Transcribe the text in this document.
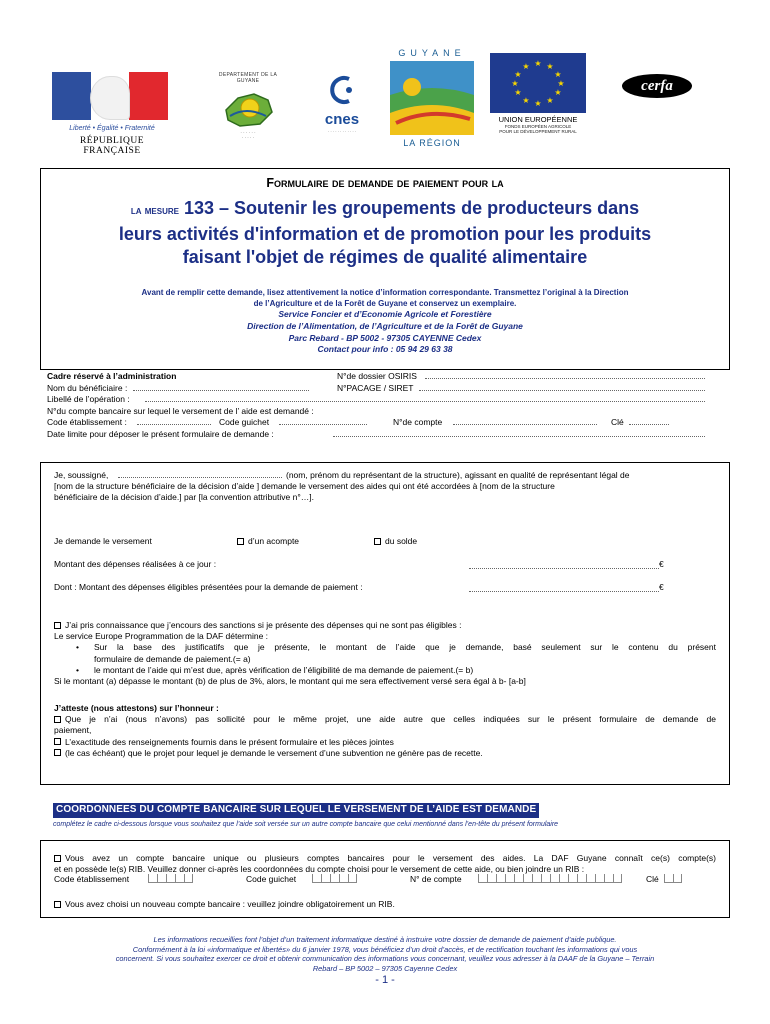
Liberté • Égalité • Fraternité
RÉPUBLIQUE FRANÇAISE
DEPARTEMENT DE LA GUYANE
· · · · · ·
· · · · ·
cnes
· · · · · · · · · · · ·
GUYANE
LA RÉGION
★ ★
★
★
★
★
★
★
★
★
★
★
UNION EUROPÉENNE
FONDS EUROPÉEN AGRICOLE
POUR LE DÉVELOPPEMENT RURAL
cerfa
Formulaire de demande de paiement pour la
la mesure 133 – Soutenir les groupements de producteurs dans
leurs activités d'information et de promotion pour les produits
faisant l'objet de régimes de qualité alimentaire
Avant de remplir cette demande, lisez attentivement la notice d’information correspondante. Transmettez l’original à la Direction
de l’Agriculture et de la Forêt de Guyane et conservez un exemplaire.
Service Foncier et d’Economie Agricole et Forestière
Direction de l’Alimentation, de l’Agriculture et de la Forêt de Guyane
Parc Rebard - BP 5002 - 97305 CAYENNE Cedex
Contact pour info : 05 94 29 63 38
Cadre réservé à l’administration	N°de dossier OSIRIS
Nom du bénéficiaire :	N°PACAGE / SIRET
Libellé de l’opération :
N°du compte bancaire sur lequel le versement de l’ aide est demandé :
Code établissement :	Code guichet	N°de compte	Clé
Date limite pour déposer le présent formulaire de demande :
Je, soussigné,	(nom, prénom du représentant de la structure), agissant en qualité de représentant légal de
[nom de la structure bénéficiaire de la décision d’aide ] demande le versement des aides qui ont été accordées à [nom de la structure
bénéficiaire de la décision d’aide.] par [la convention attributive n°…].
Je demande le versement	d’un acompte	du solde
Montant des dépenses réalisées à ce jour :	€
Dont : Montant des dépenses éligibles présentées pour la demande de paiement :	€
J’ai pris connaissance que j’encours des sanctions si je présente des dépenses qui ne sont pas éligibles :
Le service Europe Programmation de la DAF détermine :
• Sur la base des justificatifs que je présente, le montant de l’aide que je demande, basé seulement sur le contenu du présent
formulaire de demande de paiement.(= a)
• le montant de l’aide qui m’est due, après vérification de l’éligibilité de ma demande de paiement.(= b)
Si le montant (a) dépasse le montant (b) de plus de 3%, alors, le montant qui me sera effectivement versé sera égal à b- [a-b]
J’atteste (nous attestons) sur l’honneur :
Que je n’ai (nous n’avons) pas sollicité pour le même projet, une aide autre que celles indiquées sur le présent formulaire de demande de
paiement,
L’exactitude des renseignements fournis dans le présent formulaire et les pièces jointes
(le cas échéant) que le projet pour lequel je demande le versement d’une subvention ne génère pas de recette.
COORDONNEES DU COMPTE BANCAIRE SUR LEQUEL LE VERSEMENT DE L’AIDE EST DEMANDE
complétez le cadre ci-dessous lorsque vous souhaitez que l’aide soit versée sur un autre compte bancaire que celui mentionné dans l’en-tête du présent formulaire
Vous avez un compte bancaire unique ou plusieurs comptes bancaires pour le versement des aides. La DAF Guyane connaît ce(s) compte(s)
et en possède le(s) RIB. Veuillez donner ci-après les coordonnées du compte choisi pour le versement de cette aide, ou bien joindre un RIB :
Code établissement	Code guichet	N° de compte	Clé
Vous avez choisi un nouveau compte bancaire : veuillez joindre obligatoirement un RIB.
Les informations recueillies font l’objet d’un traitement informatique destiné à instruire votre dossier de demande de paiement d’aide publique.
Conformément à la loi «informatique et libertés» du 6 janvier 1978, vous bénéficiez d’un droit d’accès, et de rectification touchant les informations qui vous
concernent. Si vous souhaitez exercer ce droit et obtenir communication des informations vous concernant, veuillez vous adresser à la DAAF de la Guyane – Terrain
Rebard – BP 5002 – 97305 Cayenne Cedex
- 1 -
